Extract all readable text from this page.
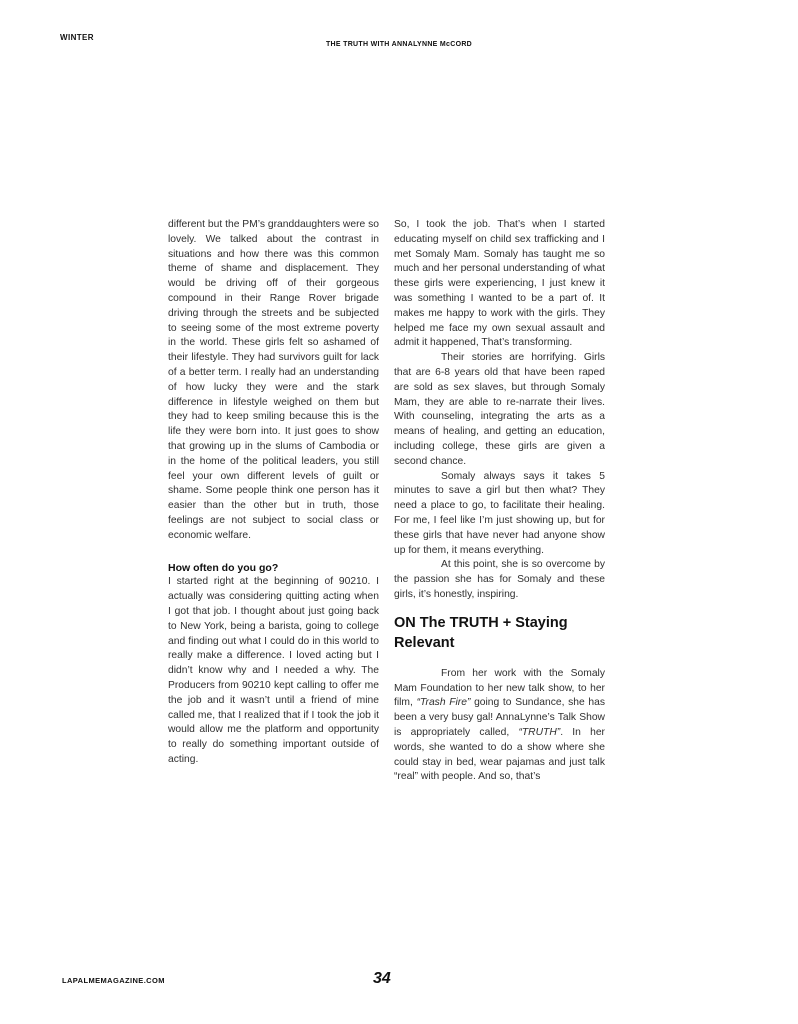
WINTER
THE TRUTH WITH ANNALYNNE McCORD

different but the PM’s granddaughters were so lovely. We talked about the contrast in situations and how there was this common theme of shame and displacement. They would be driving off of their gorgeous compound in their Range Rover brigade driving through the streets and be subjected to seeing some of the most extreme poverty in the world. These girls felt so ashamed of their lifestyle. They had survivors guilt for lack of a better term. I really had an understanding of how lucky they were and the stark difference in lifestyle weighed on them but they had to keep smiling because this is the life they were born into. It just goes to show that growing up in the slums of Cambodia or in the home of the political leaders, you still feel your own different levels of guilt or shame. Some people think one person has it easier than the other but in truth, those feelings are not subject to social class or economic welfare.

How often do you go?

I started right at the beginning of 90210. I actually was considering quitting acting when I got that job. I thought about just going back to New York, being a barista, going to college and finding out what I could do in this world to really make a difference. I loved acting but I didn’t know why and I needed a why. The Producers from 90210 kept calling to offer me the job and it wasn’t until a friend of mine called me, that I realized that if I took the job it would allow me the platform and opportunity to really do something important outside of acting.

So, I took the job. That’s when I started educating myself on child sex trafficking and I met Somaly Mam. Somaly has taught me so much and her personal understanding of what these girls were experiencing, I just knew it was something I wanted to be a part of. It makes me happy to work with the girls. They helped me face my own sexual assault and admit it happened, That’s transforming.

Their stories are horrifying. Girls that are 6-8 years old that have been raped are sold as sex slaves, but through Somaly Mam, they are able to re-narrate their lives. With counseling, integrating the arts as a means of healing, and getting an education, including college, these girls are given a second chance.

Somaly always says it takes 5 minutes to save a girl but then what? They need a place to go, to facilitate their healing. For me, I feel like I’m just showing up, but for these girls that have never had anyone show up for them, it means everything.

At this point, she is so overcome by the passion she has for Somaly and these girls, it’s honestly, inspiring.

ON The TRUTH + Staying Relevant

From her work with the Somaly Mam Foundation to her new talk show, to her film, “Trash Fire” going to Sundance, she has been a very busy gal! AnnaLynne’s Talk Show is appropriately called, “TRUTH”. In her words, she wanted to do a show where she could stay in bed, wear pajamas and just talk “real” with people. And so, that’s

LAPALMEMAGAZINE.COM	34
